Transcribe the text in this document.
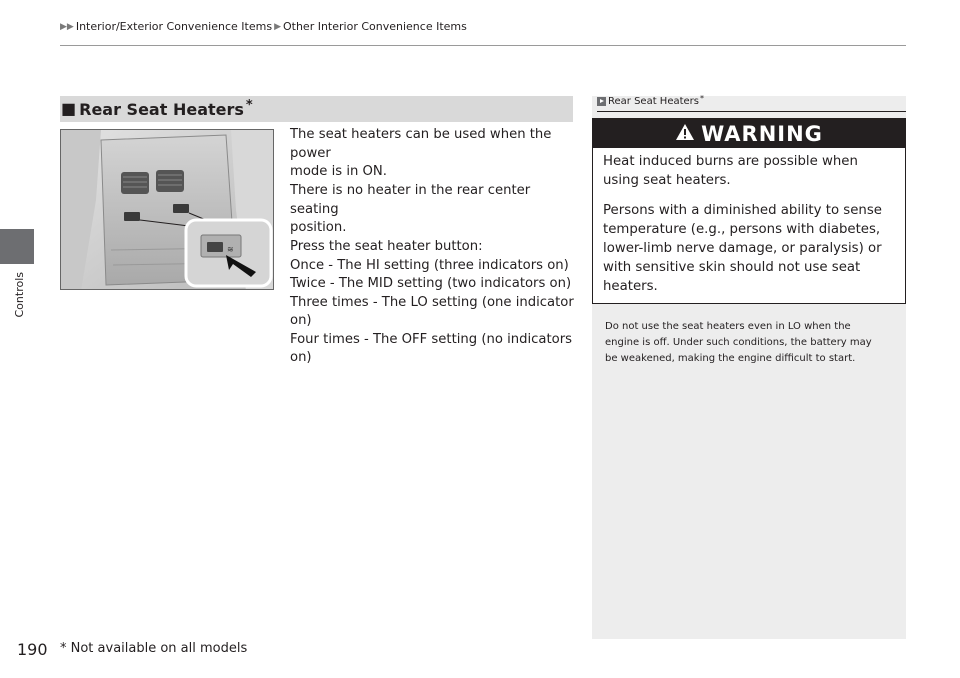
▶▶ Interior/Exterior Convenience Items ▶ Other Interior Convenience Items
Controls
■ Rear Seat Heaters *
≋
The seat heaters can be used when the power
mode is in ON.
There is no heater in the rear center seating
position.
Press the seat heater button:
Once - The HI setting (three indicators on)
Twice - The MID setting (two indicators on)
Three times - The LO setting (one indicator on)
Four times - The OFF setting (no indicators on)
Rear Seat Heaters *
WARNING
Heat induced burns are possible when
using seat heaters.
Persons with a diminished ability to sense
temperature (e.g., persons with diabetes,
lower-limb nerve damage, or paralysis) or
with sensitive skin should not use seat
heaters.
Do not use the seat heaters even in LO when the
engine is off. Under such conditions, the battery may
be weakened, making the engine difficult to start.
190 * Not available on all models
